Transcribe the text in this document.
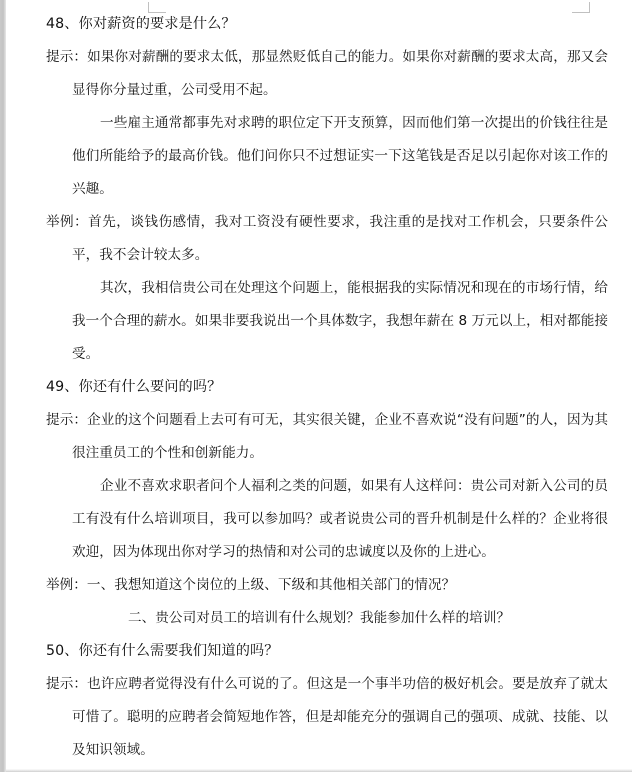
48、你对薪资的要求是什么？

提示：如果你对薪酬的要求太低，那显然贬低自己的能力。如果你对薪酬的要求太高，那又会显得你分量过重，公司受用不起。

一些雇主通常都事先对求聘的职位定下开支预算，因而他们第一次提出的价钱往往是他们所能给予的最高价钱。他们问你只不过想证实一下这笔钱是否足以引起你对该工作的兴趣。

举例：首先，谈钱伤感情，我对工资没有硬性要求，我注重的是找对工作机会，只要条件公平，我不会计较太多。

其次，我相信贵公司在处理这个问题上，能根据我的实际情况和现在的市场行情，给我一个合理的薪水。如果非要我说出一个具体数字，我想年薪在 8 万元以上，相对都能接受。

49、你还有什么要问的吗？

提示：企业的这个问题看上去可有可无，其实很关键，企业不喜欢说“没有问题”的人，因为其很注重员工的个性和创新能力。

企业不喜欢求职者问个人福利之类的问题，如果有人这样问：贵公司对新入公司的员工有没有什么培训项目，我可以参加吗？或者说贵公司的晋升机制是什么样的？企业将很欢迎，因为体现出你对学习的热情和对公司的忠诚度以及你的上进心。

举例：一、我想知道这个岗位的上级、下级和其他相关部门的情况？

二、贵公司对员工的培训有什么规划？我能参加什么样的培训？

50、你还有什么需要我们知道的吗？

提示：也许应聘者觉得没有什么可说的了。但这是一个事半功倍的极好机会。要是放弃了就太可惜了。聪明的应聘者会简短地作答，但是却能充分的强调自己的强项、成就、技能、以及知识领域。
